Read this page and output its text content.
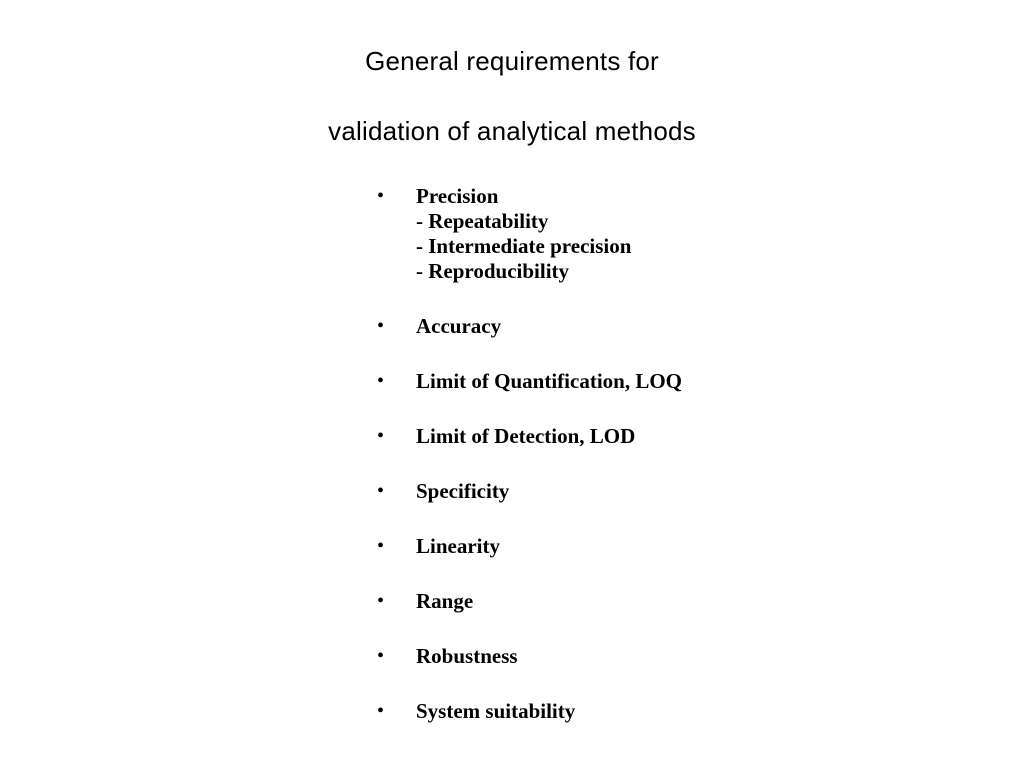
General requirements for
validation of analytical methods
• Precision
- Repeatability
- Intermediate precision
- Reproducibility
• Accuracy
• Limit of Quantification, LOQ
• Limit of Detection, LOD
• Specificity
• Linearity
• Range
• Robustness
• System suitability
